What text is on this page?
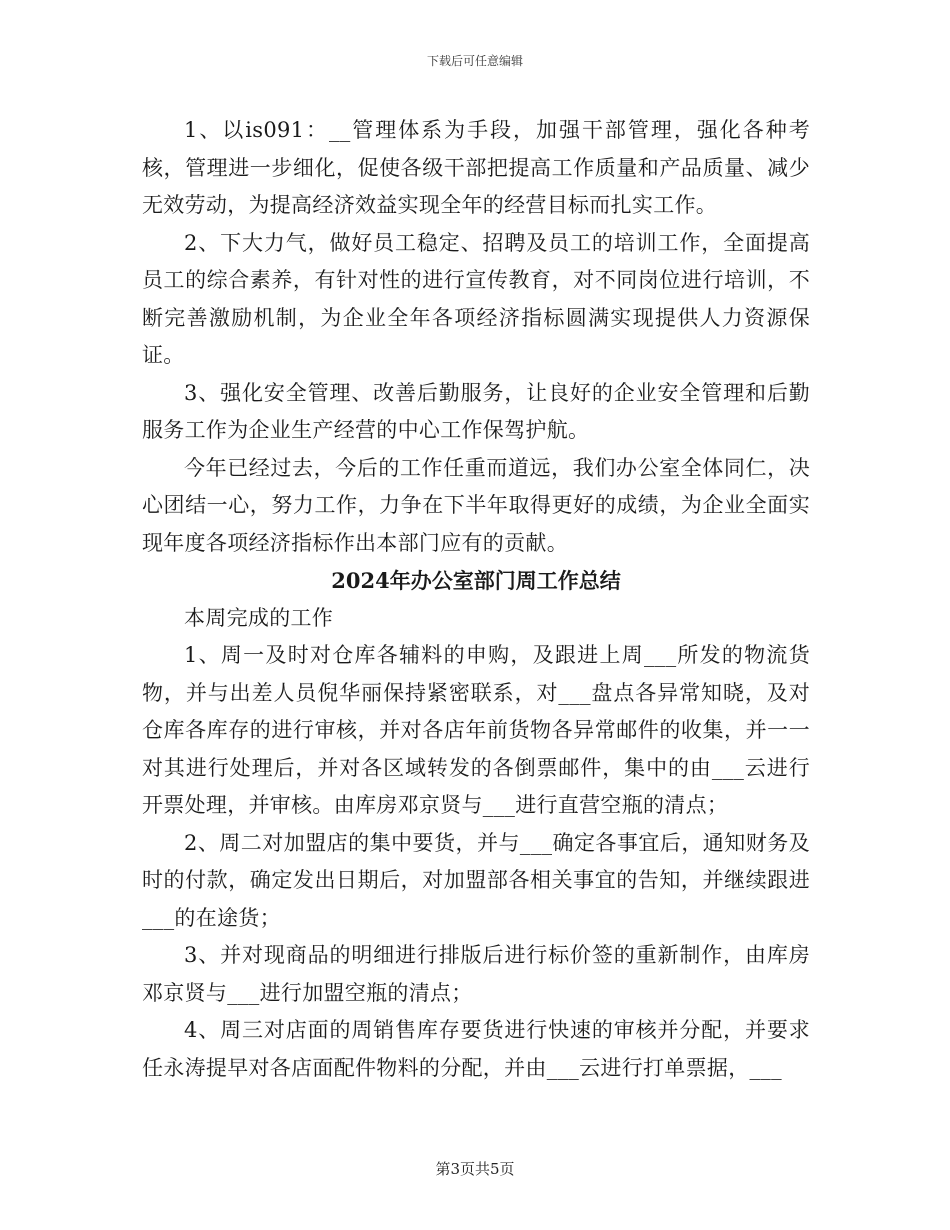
下载后可任意编辑

1、以is091：__管理体系为手段，加强干部管理，强化各种考核，管理进一步细化，促使各级干部把提高工作质量和产品质量、减少无效劳动，为提高经济效益实现全年的经营目标而扎实工作。

2、下大力气，做好员工稳定、招聘及员工的培训工作，全面提高员工的综合素养，有针对性的进行宣传教育，对不同岗位进行培训，不断完善激励机制，为企业全年各项经济指标圆满实现提供人力资源保证。

3、强化安全管理、改善后勤服务，让良好的企业安全管理和后勤服务工作为企业生产经营的中心工作保驾护航。

今年已经过去，今后的工作任重而道远，我们办公室全体同仁，决心团结一心，努力工作，力争在下半年取得更好的成绩，为企业全面实现年度各项经济指标作出本部门应有的贡献。

2024年办公室部门周工作总结

本周完成的工作

1、周一及时对仓库各辅料的申购，及跟进上周___所发的物流货物，并与出差人员倪华丽保持紧密联系，对___盘点各异常知晓，及对仓库各库存的进行审核，并对各店年前货物各异常邮件的收集，并一一对其进行处理后，并对各区域转发的各倒票邮件，集中的由___云进行开票处理，并审核。由库房邓京贤与___进行直营空瓶的清点；

2、周二对加盟店的集中要货，并与___确定各事宜后，通知财务及时的付款，确定发出日期后，对加盟部各相关事宜的告知，并继续跟进___的在途货；

3、并对现商品的明细进行排版后进行标价签的重新制作，由库房邓京贤与___进行加盟空瓶的清点；

4、周三对店面的周销售库存要货进行快速的审核并分配，并要求任永涛提早对各店面配件物料的分配，并由___云进行打单票据，___

第3页共5页
